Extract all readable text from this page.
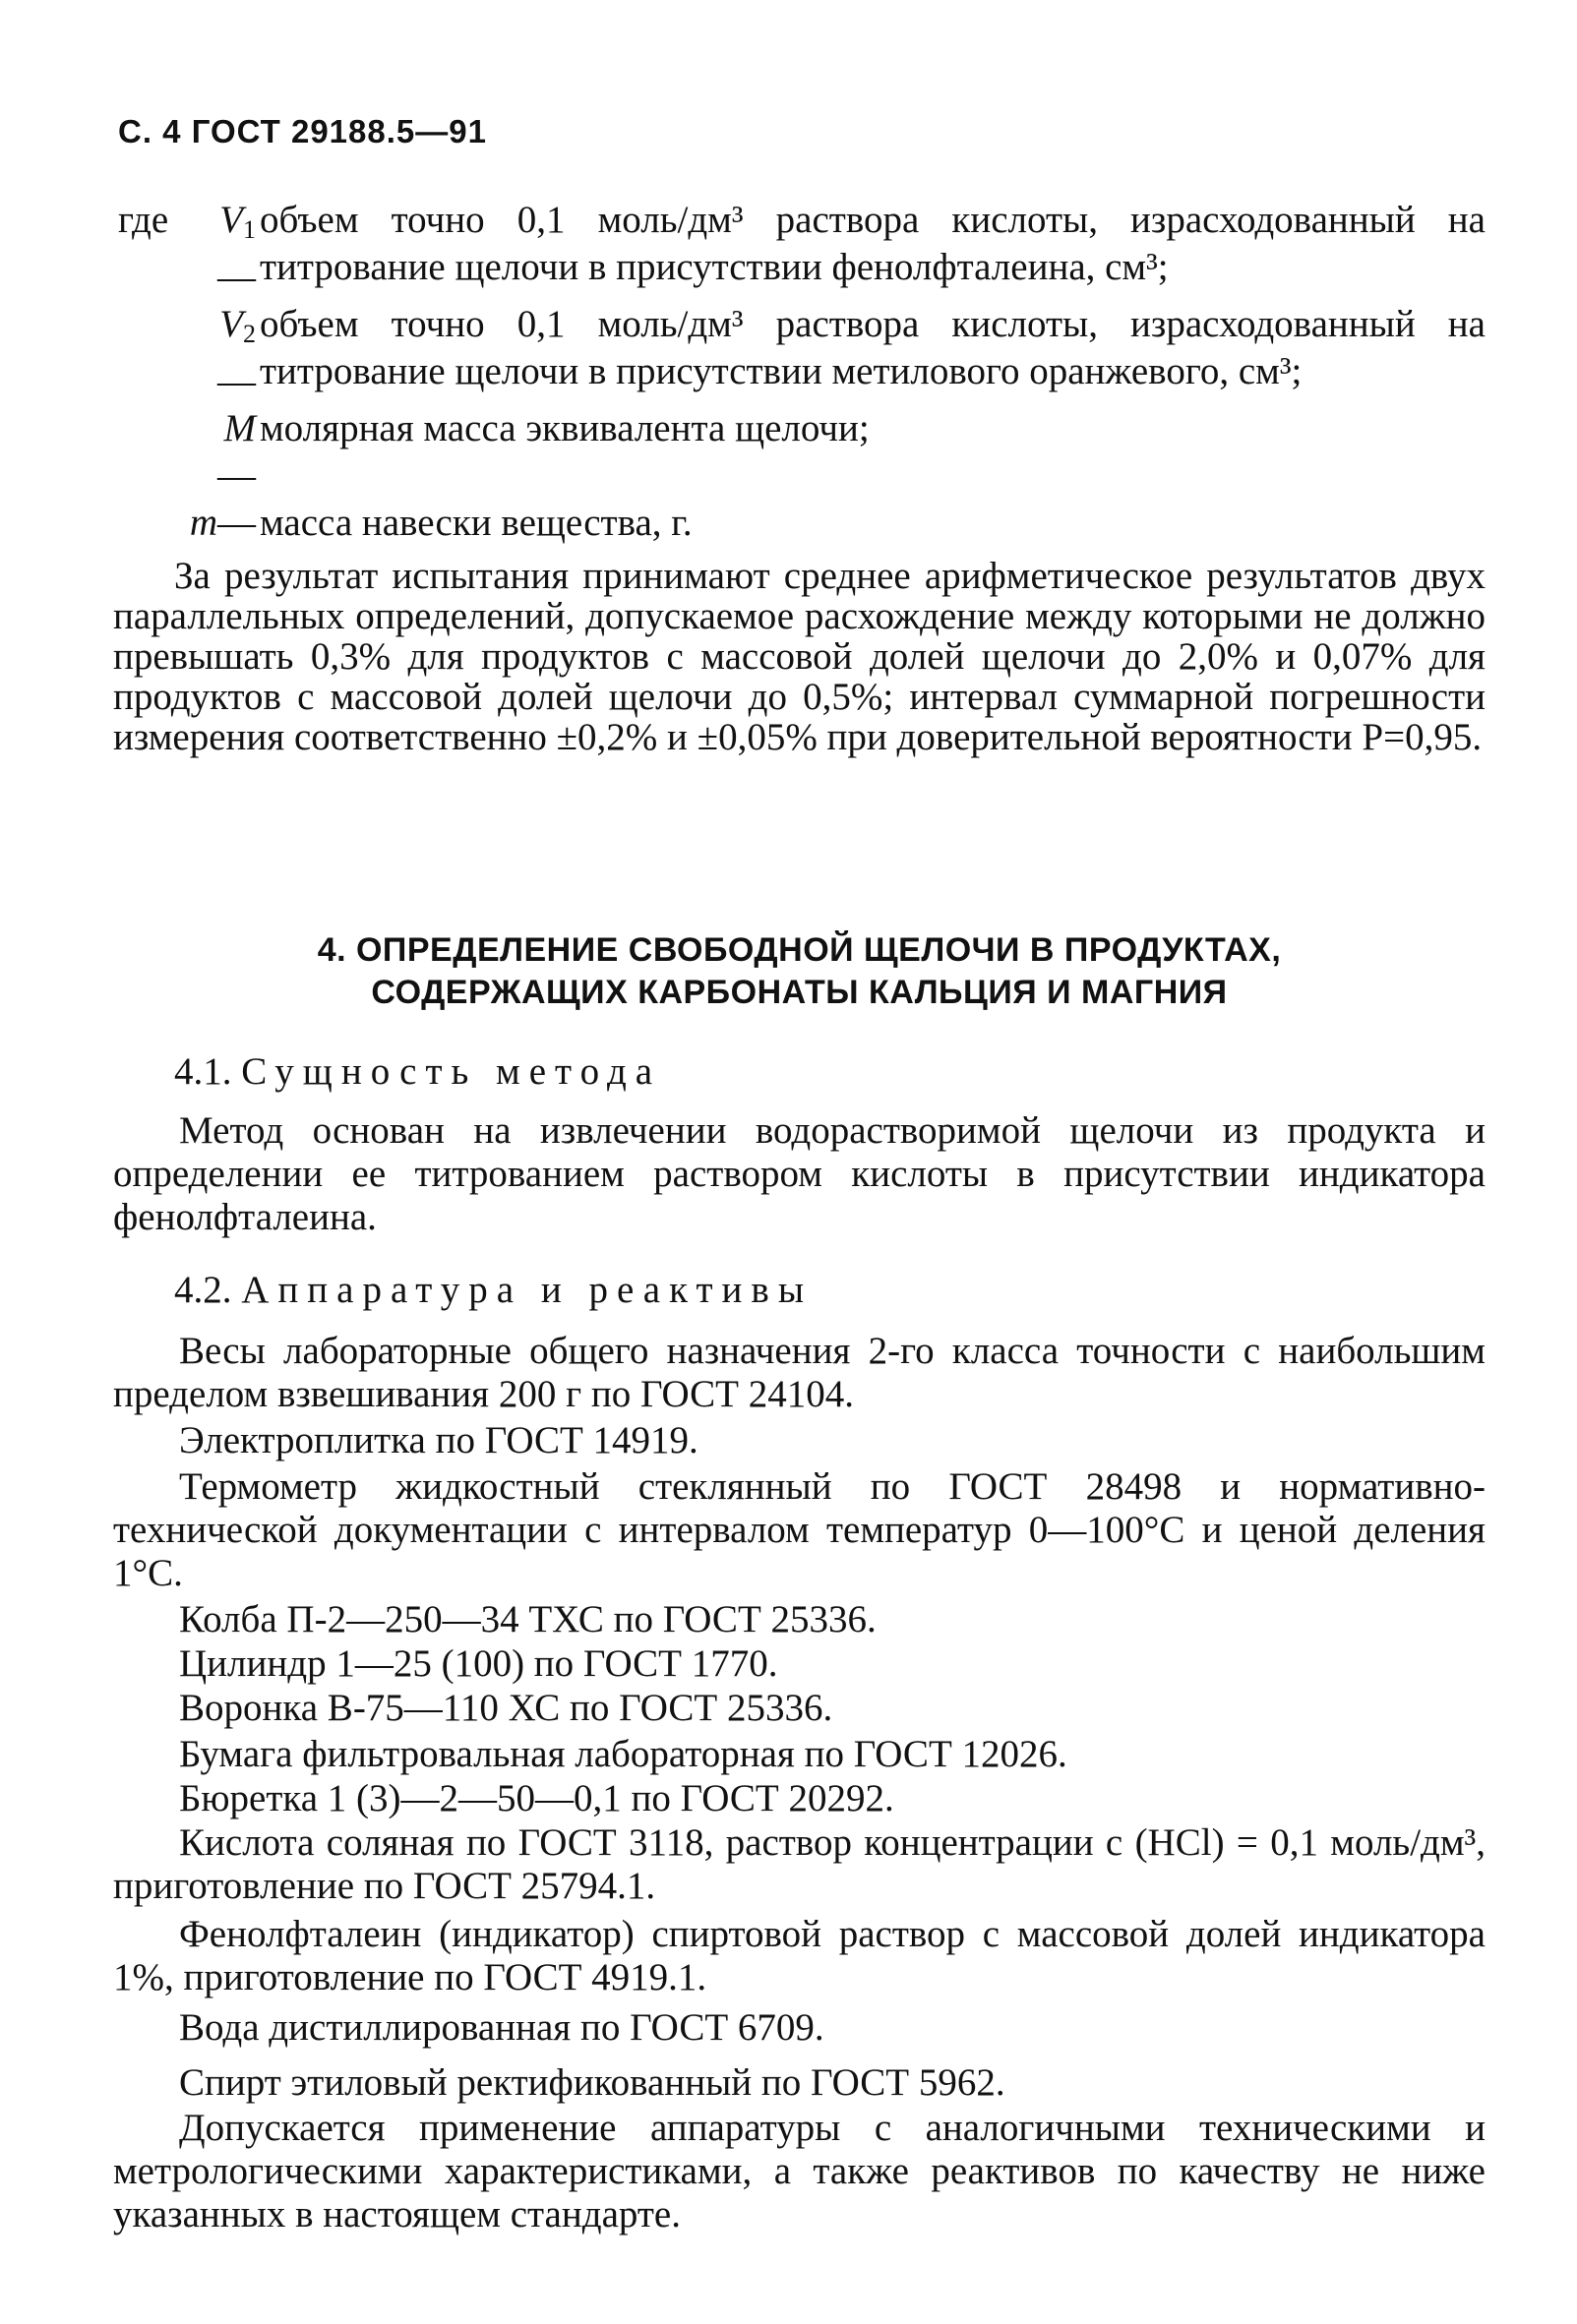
С. 4 ГОСТ 29188.5—91
где	$V_1—$
объем точно 0,1 моль/дм³ раствора кислоты, израсходованный на титрование щелочи в присутствии фенолфталеина, см³;
$V_2—$
объем точно 0,1 моль/дм³ раствора кислоты, израсходованный на титрование щелочи в присутствии метилового оранжевого, см³;
M—
молярная масса эквивалента щелочи;
m— масса навески вещества, г.

За результат испытания принимают среднее арифметическое результатов двух параллельных определений, допускаемое расхождение между которыми не должно превышать 0,3% для продуктов с массовой долей щелочи до 2,0% и 0,07% для продуктов с массовой долей щелочи до 0,5%; интервал суммарной погрешности измерения соответственно ±0,2% и ±0,05% при доверительной вероятности P=0,95.

4. ОПРЕДЕЛЕНИЕ СВОБОДНОЙ ЩЕЛОЧИ В ПРОДУКТАХ,
СОДЕРЖАЩИХ КАРБОНАТЫ КАЛЬЦИЯ И МАГНИЯ
4.1. Сущность метода

Метод основан на извлечении водорастворимой щелочи из продукта и определении ее титрованием раствором кислоты в присутствии индикатора фенолфталеина.

4.2. Аппаратура и реактивы

Весы лабораторные общего назначения 2-го класса точности с наибольшим пределом взвешивания 200 г по ГОСТ 24104.

Электроплитка по ГОСТ 14919.

Термометр жидкостный стеклянный по ГОСТ 28498 и нормативно-технической документации с интервалом температур 0—100°С и ценой деления 1°С.

Колба П-2—250—34 ТХС по ГОСТ 25336.
Цилиндр 1—25 (100) по ГОСТ 1770.
Воронка В-75—110 ХС по ГОСТ 25336.
Бумага фильтровальная лабораторная по ГОСТ 12026.
Бюретка 1 (3)—2—50—0,1 по ГОСТ 20292.

Кислота соляная по ГОСТ 3118, раствор концентрации c (HCl) = 0,1 моль/дм³, приготовление по ГОСТ 25794.1.

Фенолфталеин (индикатор) спиртовой раствор с массовой долей индикатора 1%, приготовление по ГОСТ 4919.1.

Вода дистиллированная по ГОСТ 6709.
Спирт этиловый ректификованный по ГОСТ 5962.

Допускается применение аппаратуры с аналогичными техническими и метрологическими характеристиками, а также реактивов по качеству не ниже указанных в настоящем стандарте.
